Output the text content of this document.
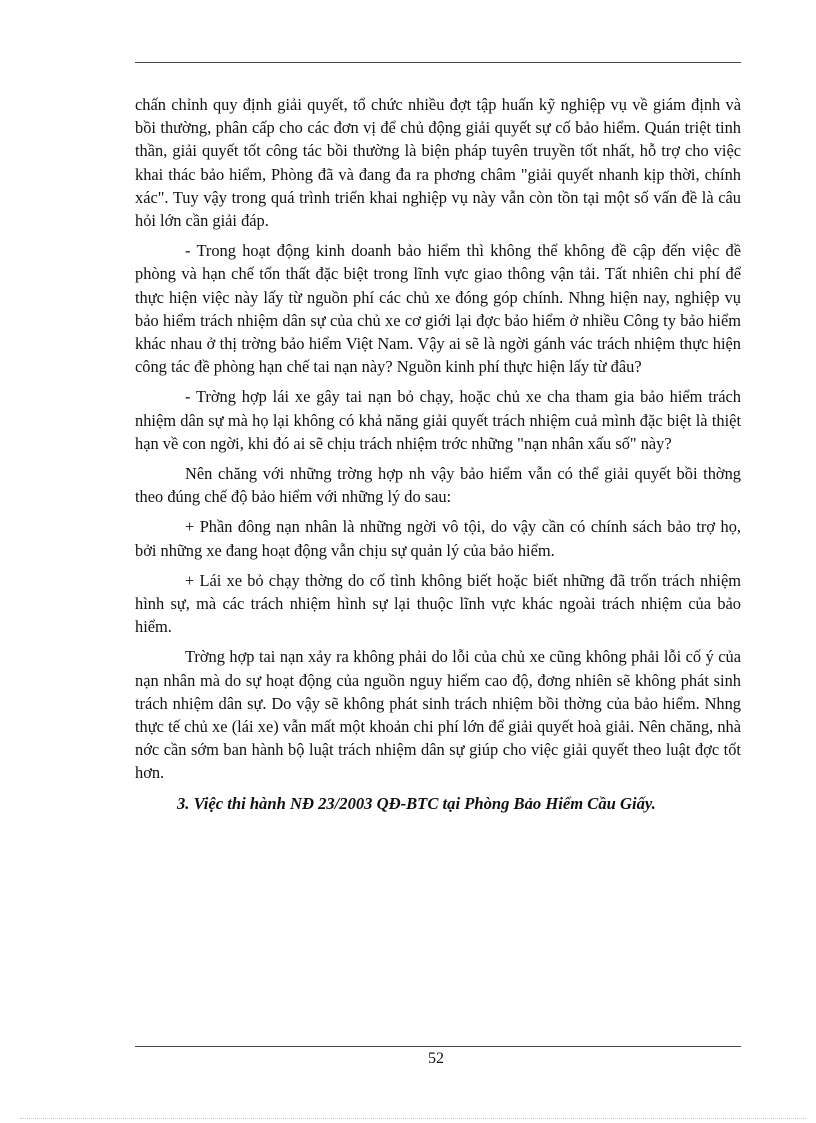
chấn chỉnh quy định giải quyết, tổ chức nhiều đợt tập huấn kỹ nghiệp vụ về giám định và bồi thường, phân cấp cho các đơn vị để chủ động giải quyết sự cố bảo hiểm. Quán triệt tinh thần, giải quyết tốt công tác bồi thường là biện pháp tuyên truyền tốt nhất, hỗ trợ cho việc khai thác bảo hiểm, Phòng đã và đang đa ra phơng châm "giải quyết nhanh kịp thời, chính xác". Tuy vậy trong quá trình triển khai nghiệp vụ này vẫn còn tồn tại một số vấn đề là câu hỏi lớn cần giải đáp.

- Trong hoạt động kinh doanh bảo hiểm thì không thể không đề cập đến việc đề phòng và hạn chế tổn thất đặc biệt trong lĩnh vực giao thông vận tải. Tất nhiên chi phí để thực hiện việc này lấy từ nguồn phí các chủ xe đóng góp chính. Nhng hiện nay, nghiệp vụ bảo hiểm trách nhiệm dân sự của chủ xe cơ giới lại đợc bảo hiểm ở nhiều Công ty bảo hiểm khác nhau ở thị trờng bảo hiểm Việt Nam. Vậy ai sẽ là ngời gánh vác trách nhiệm thực hiện công tác đề phòng hạn chế tai nạn này? Nguồn kinh phí thực hiện lấy từ đâu?

- Trờng hợp lái xe gây tai nạn bỏ chạy, hoặc chủ xe cha tham gia bảo hiểm trách nhiệm dân sự mà họ lại không có khả năng giải quyết trách nhiệm cuả mình đặc biệt là thiệt hạn về con ngời, khi đó ai sẽ chịu trách nhiệm trớc những "nạn nhân xấu số" này?

Nên chăng với những trờng hợp nh vậy bảo hiểm vẫn có thể giải quyết bồi thờng theo đúng chế độ bảo hiểm với những lý do sau:

+ Phần đông nạn nhân là những ngời vô tội, do vậy cần có chính sách bảo trợ họ, bởi những xe đang hoạt động vẫn chịu sự quản lý của bảo hiểm.

+ Lái xe bỏ chạy thờng do cố tình không biết hoặc biết những đã trốn trách nhiệm hình sự, mà các trách nhiệm hình sự lại thuộc lĩnh vực khác ngoài trách nhiệm của bảo hiểm.

Trờng hợp tai nạn xảy ra không phải do lỗi của chủ xe cũng không phải lỗi cố ý của nạn nhân mà do sự hoạt động của nguồn nguy hiểm cao độ, đơng nhiên sẽ không phát sinh trách nhiệm dân sự. Do vậy sẽ không phát sinh trách nhiệm bồi thờng của bảo hiểm. Nhng thực tế chủ xe (lái xe) vẫn mất một khoản chi phí lớn để giải quyết hoà giải. Nên chăng, nhà nớc cần sớm ban hành bộ luật trách nhiệm dân sự giúp cho việc giải quyết theo luật đợc tốt hơn.

3. Việc thi hành NĐ 23/2003 QĐ-BTC tại Phòng Bảo Hiểm Cầu Giấy.

52
